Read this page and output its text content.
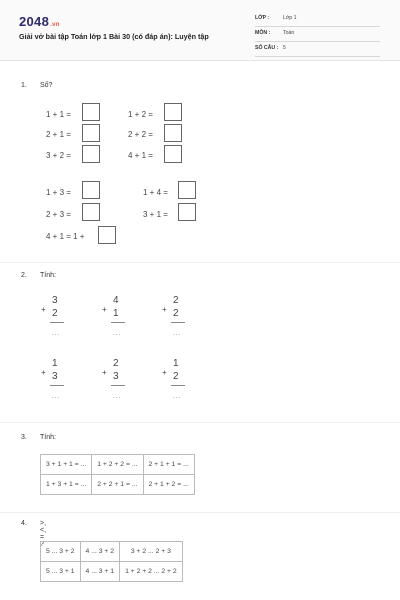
2048.vn
Giải vở bài tập Toán lớp 1 Bài 30 (có đáp án): Luyện tập
LỚP :	Lớp 1
MÔN : Toán
SỐ CÂU : 5
1. Số?
1 + 1 =	1 + 2 =
2 + 1 =	2 + 2 =
3 + 2 =	4 + 1 =
1 + 3 =	1 + 4 =
2 + 3 =	3 + 1 =
4 + 1 = 1 +
2. Tính:
+
3
2
...
+
4
1
...
+
2
2
...
+
1
3
...
+
2
3
...
+
1
2
...
3. Tính:
3 + 1 + 1 = ...	1 + 2 + 2 = ...	2 + 1 + 1 = ...
1 + 3 + 1 = ...	2 + 2 + 1 = ...	2 + 1 + 2 = ...
4. >, <, = ?
5 ... 3 + 2	4 ... 3 + 2	3 + 2 ... 2 + 3
5 ... 3 + 1	4 ... 3 + 1	1 + 2 + 2 ... 2 + 2
